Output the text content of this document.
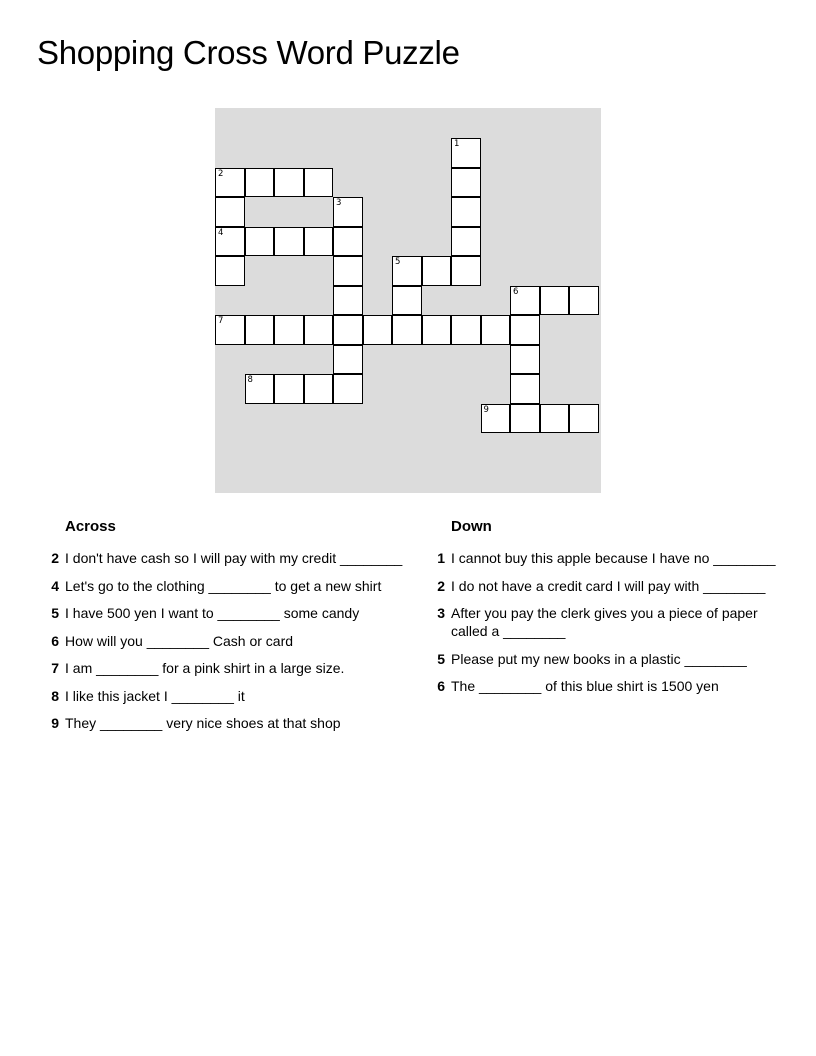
Shopping Cross Word Puzzle
1
2
3
4
5
6
7
8
9
Across
2 I don't have cash so I will pay with my credit ________
4 Let's go to the clothing ________ to get a new shirt
5 I have 500 yen I want to ________ some candy
6 How will you ________ Cash or card
7 I am ________ for a pink shirt in a large size.
8 I like this jacket I ________ it
9 They ________ very nice shoes at that shop
Down
1 I cannot buy this apple because I have no ________
2 I do not have a credit card I will pay with ________
3 After you pay the clerk gives you a piece of paper called a ________
5 Please put my new books in a plastic ________
6 The ________ of this blue shirt is 1500 yen
